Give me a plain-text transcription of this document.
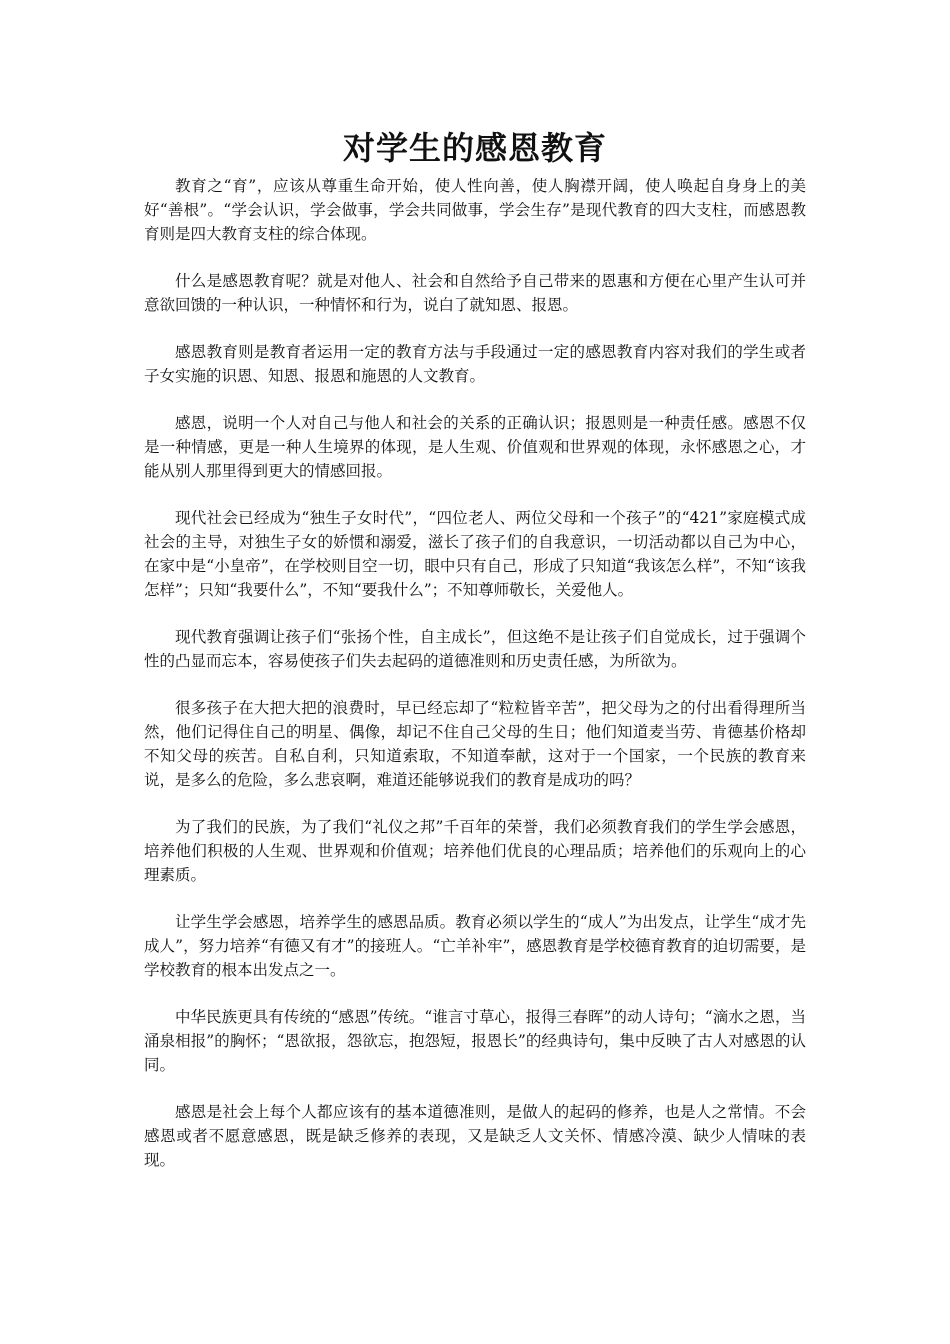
对学生的感恩教育

教育之“育”，应该从尊重生命开始，使人性向善，使人胸襟开阔，使人唤起自身身上的美好“善根”。“学会认识，学会做事，学会共同做事，学会生存”是现代教育的四大支柱，而感恩教育则是四大教育支柱的综合体现。

什么是感恩教育呢？就是对他人、社会和自然给予自己带来的恩惠和方便在心里产生认可并意欲回馈的一种认识，一种情怀和行为，说白了就知恩、报恩。

感恩教育则是教育者运用一定的教育方法与手段通过一定的感恩教育内容对我们的学生或者子女实施的识恩、知恩、报恩和施恩的人文教育。

感恩，说明一个人对自己与他人和社会的关系的正确认识；报恩则是一种责任感。感恩不仅是一种情感，更是一种人生境界的体现，是人生观、价值观和世界观的体现，永怀感恩之心，才能从别人那里得到更大的情感回报。

现代社会已经成为“独生子女时代”，“四位老人、两位父母和一个孩子”的“421”家庭模式成社会的主导，对独生子女的娇惯和溺爱，滋长了孩子们的自我意识，一切活动都以自己为中心，在家中是“小皇帝”，在学校则目空一切，眼中只有自己，形成了只知道“我该怎么样”，不知“该我怎样”；只知“我要什么”，不知“要我什么”；不知尊师敬长，关爱他人。

现代教育强调让孩子们“张扬个性，自主成长”，但这绝不是让孩子们自觉成长，过于强调个性的凸显而忘本，容易使孩子们失去起码的道德准则和历史责任感，为所欲为。

很多孩子在大把大把的浪费时，早已经忘却了“粒粒皆辛苦”，把父母为之的付出看得理所当然，他们记得住自己的明星、偶像，却记不住自己父母的生日；他们知道麦当劳、肯德基价格却不知父母的疾苦。自私自利，只知道索取，不知道奉献，这对于一个国家，一个民族的教育来说，是多么的危险，多么悲哀啊，难道还能够说我们的教育是成功的吗？

为了我们的民族，为了我们“礼仪之邦”千百年的荣誉，我们必须教育我们的学生学会感恩，培养他们积极的人生观、世界观和价值观；培养他们优良的心理品质；培养他们的乐观向上的心理素质。

让学生学会感恩，培养学生的感恩品质。教育必须以学生的“成人”为出发点，让学生“成才先成人”，努力培养“有德又有才”的接班人。“亡羊补牢”，感恩教育是学校德育教育的迫切需要，是学校教育的根本出发点之一。

中华民族更具有传统的“感恩”传统。“谁言寸草心，报得三春晖”的动人诗句；“滴水之恩，当涌泉相报”的胸怀；“恩欲报，怨欲忘，抱怨短，报恩长”的经典诗句，集中反映了古人对感恩的认同。

感恩是社会上每个人都应该有的基本道德准则，是做人的起码的修养，也是人之常情。不会感恩或者不愿意感恩，既是缺乏修养的表现，又是缺乏人文关怀、情感冷漠、缺少人情味的表现。
